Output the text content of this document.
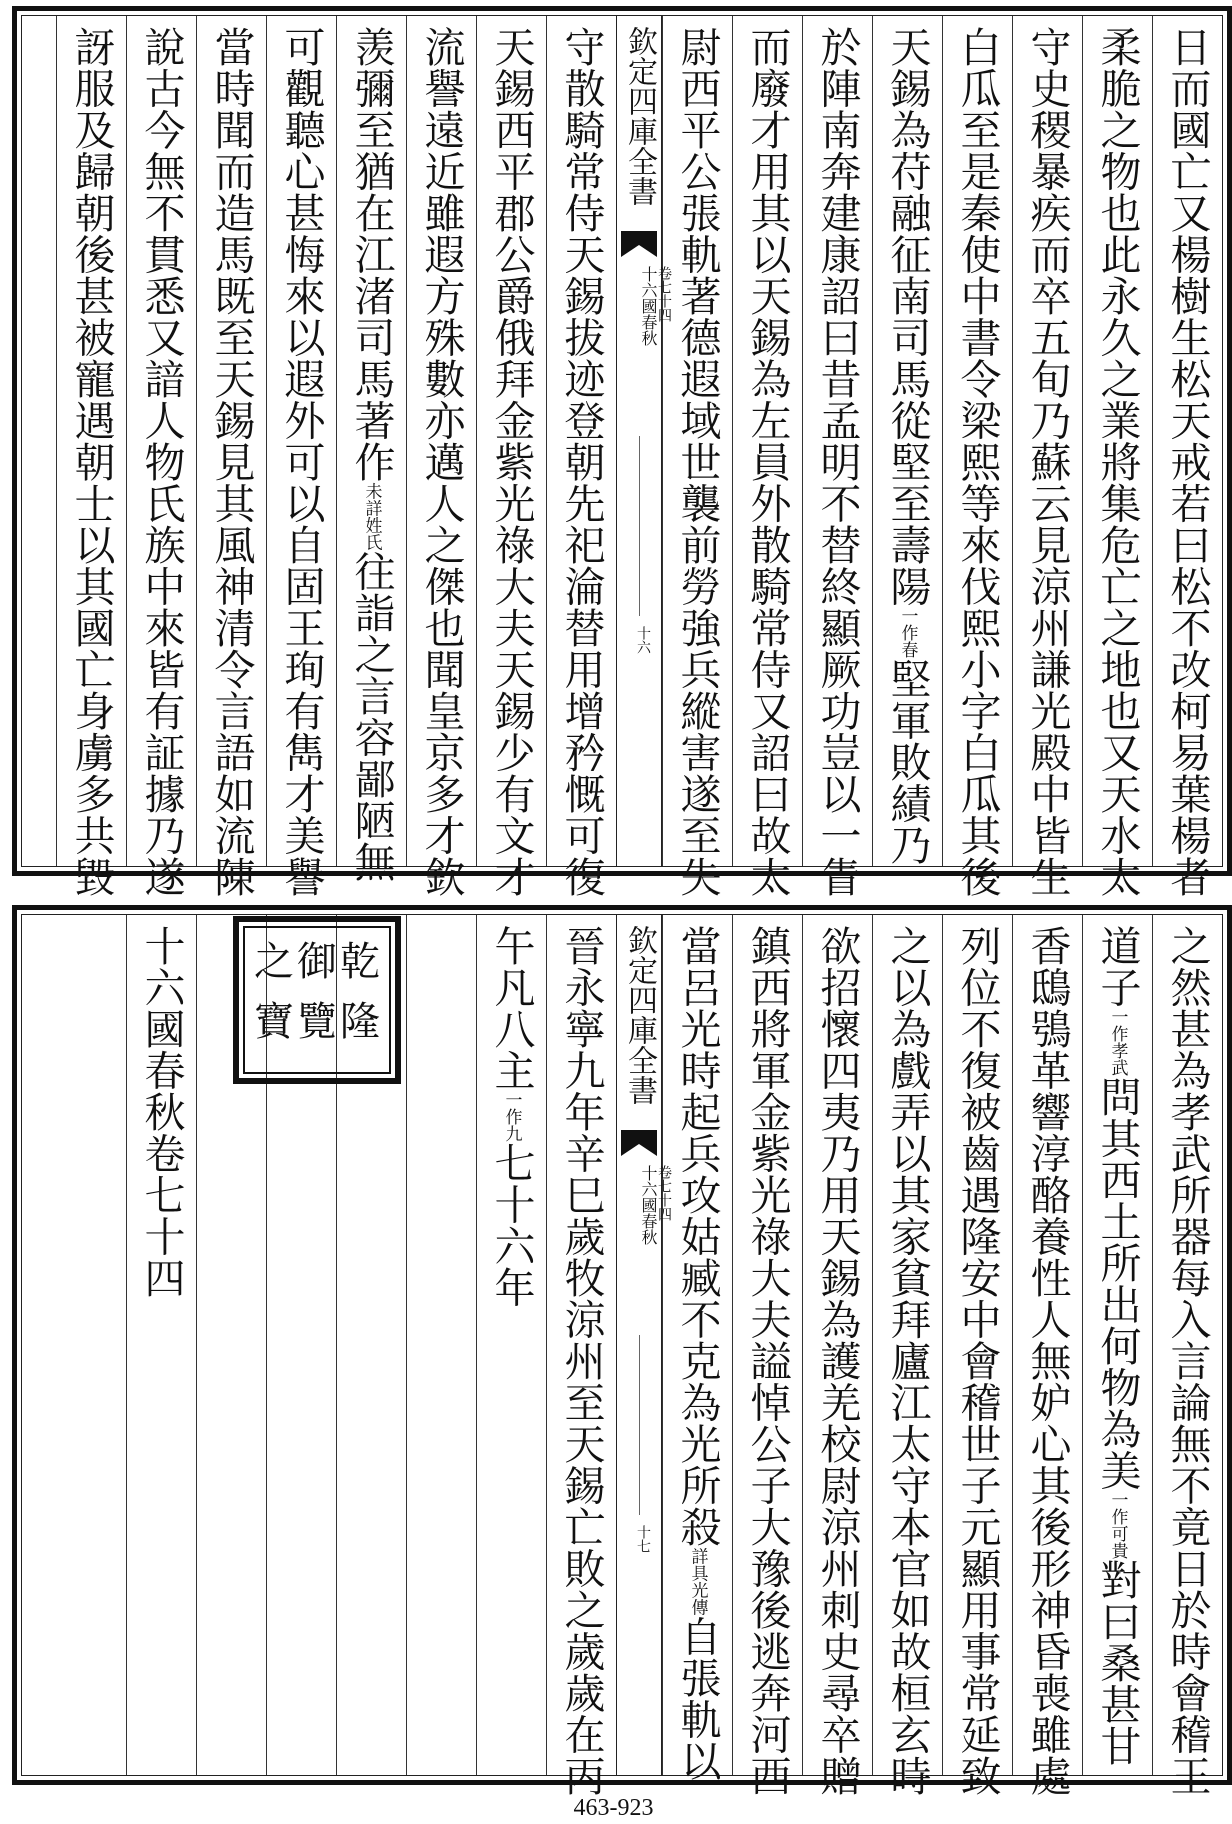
日而國亡又楊樹生松天戒若曰松不改柯易葉楊者
柔脆之物也此永久之業將集危亡之地也又天水太
守史稷暴疾而卒五旬乃蘇云見涼州謙光殿中皆生
白瓜至是秦使中書令梁熙等來伐熙小字白瓜其後
天錫為苻融征南司馬從堅至壽陽一作春堅軍敗績乃
於陣南奔建康詔曰昔孟明不替終顯厥功豈以一眚
而廢才用其以天錫為左員外散騎常侍又詔曰故太
尉西平公張軌著德遐域世襲前勞強兵縱害遂至失
欽定四庫全書
十六國春秋
卷七十四
十六
守散騎常侍天錫拔迹登朝先祀淪替用增矜慨可復
天錫西平郡公爵俄拜金紫光祿大夫天錫少有文才
流譽遠近雖遐方殊數亦邁人之傑也聞皇京多才欽
羡彌至猶在江渚司馬著作未詳姓氏往詣之言容鄙陋無
可觀聽心甚悔來以遐外可以自固王珣有雋才美譽
當時聞而造馬既至天錫見其風神清令言語如流陳
說古今無不貫悉又諳人物氏族中來皆有証據乃遂
訝服及歸朝後甚被寵遇朝士以其國亡身虜多共毀
之然甚為孝武所器每入言論無不竟日於時會稽王
道子一作孝武問其西土所出何物為美一作可貴對曰桑甚甘
香鴟鴞革響淳酪養性人無妒心其後形神昏喪雖處
列位不復被齒遇隆安中會稽世子元顯用事常延致
之以為戲弄以其家貧拜廬江太守本官如故桓玄時
欲招懷四夷乃用天錫為護羌校尉涼州刺史尋卒贈
鎮西將軍金紫光祿大夫謚悼公子大豫後逃奔河西
當呂光時起兵攻姑臧不克為光所殺詳具光傳自張軌以
欽定四庫全書
十六國春秋
卷七十四
十七
晉永寧九年辛巳歲牧涼州至天錫亡敗之歲歲在丙
午凡八主一作九七十六年
十六國春秋卷七十四	乾
隆
御
覽
之
寶
463-923
